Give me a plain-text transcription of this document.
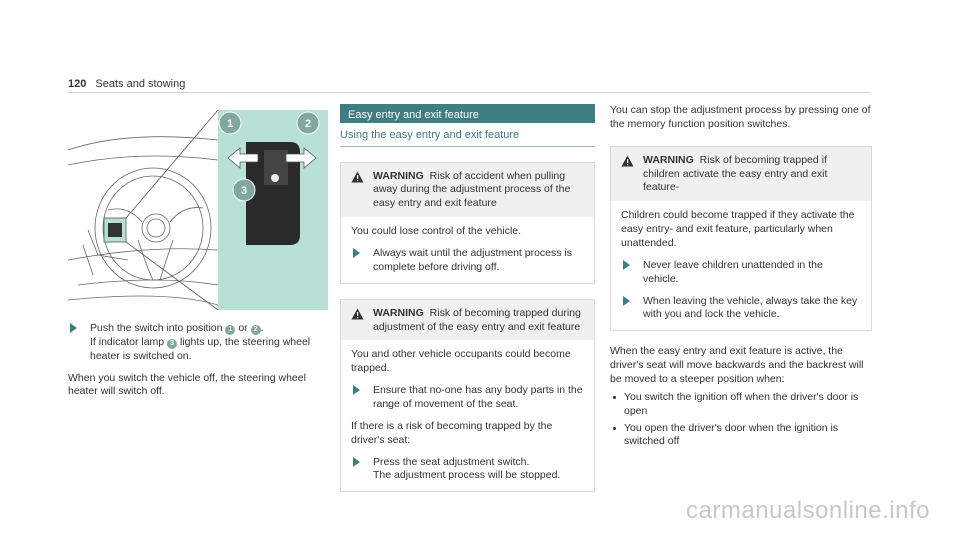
120 Seats and stowing
1	2
3
Push the switch into position 1 or 2 .
If indicator lamp 3 lights up, the steering wheel heater is switched on.

When you switch the vehicle off, the steering wheel heater will switch off.

Easy entry and exit feature
Using the easy entry and exit feature
WARNING Risk of accident when pulling away during the adjustment process of the easy entry and exit feature

You could lose control of the vehicle.

Always wait until the adjustment process is complete before driving off.
WARNING Risk of becoming trapped during adjustment of the easy entry and exit feature

You and other vehicle occupants could become trapped.

Ensure that no-one has any body parts in the range of movement of the seat.

If there is a risk of becoming trapped by the driver's seat:

Press the seat adjustment switch.
The adjustment process will be stopped.

You can stop the adjustment process by pressing one of the memory function position switches.

WARNING Risk of becoming trapped if children activate the easy entry and exit feature-

Children could become trapped if they activate the easy entry- and exit feature, particularly when unattended.

Never leave children unattended in the vehicle.
When leaving the vehicle, always take the key with you and lock the vehicle.

When the easy entry and exit feature is active, the driver's seat will move backwards and the backrest will be moved to a steeper position when:

You switch the ignition off when the driver's door is open
You open the driver's door when the ignition is switched off
carmanualsonline.info
